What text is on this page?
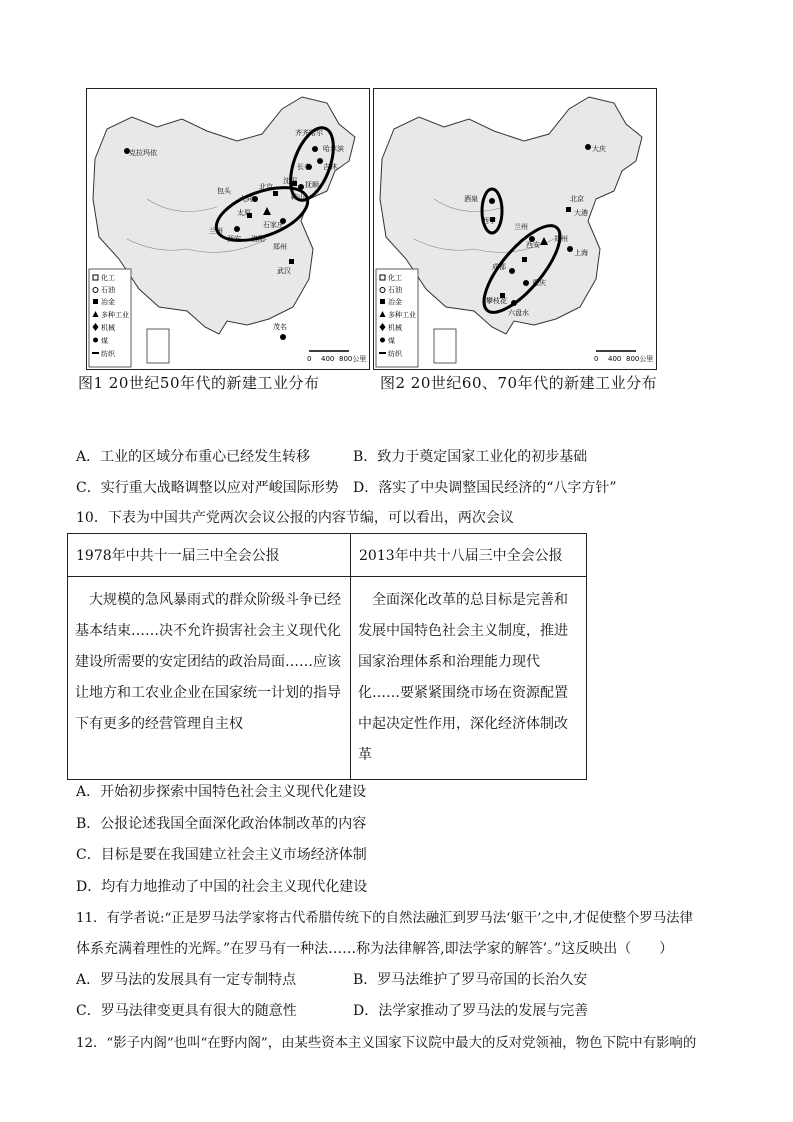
克拉玛依
齐齐哈尔
哈尔滨
长春 吉林
沈阳 抚顺
鞍山
北京
大同
太原
包头
石家庄
兰州
西安 洛阳
郑州
武汉
茂名
化工
石油
冶金
多种工业
机械
煤
纺织
0 400 800公里
大庆
北京
大港
西宁
酒泉
兰州
西安
郑州
成都
重庆
攀枝花
六盘水
上海
化工
石油
冶金
多种工业
机械
煤
纺织
0 400 800公里
图1 20世纪50年代的新建工业分布	图2 20世纪60、70年代的新建工业分布
A．工业的区域分布重心已经发生转移	B．致力于奠定国家工业化的初步基础
C．实行重大战略调整以应对严峻国际形势 D．落实了中央调整国民经济的“八字方针”
10．下表为中国共产党两次会议公报的内容节编，可以看出，两次会议
1978年中共十一届三中全会公报	2013年中共十八届三中全会公报

大规模的急风暴雨式的群众阶级斗争已经基本结束……决不允许损害社会主义现代化建设所需要的安定团结的政治局面……应该让地方和工农业企业在国家统一计划的指导下有更多的经营管理自主权	全面深化改革的总目标是完善和发展中国特色社会主义制度，推进国家治理体系和治理能力现代化……要紧紧围绕市场在资源配置中起决定性作用，深化经济体制改革
A．开始初步探索中国特色社会主义现代化建设
B．公报论述我国全面深化政治体制改革的内容
C．目标是要在我国建立社会主义市场经济体制
D．均有力地推动了中国的社会主义现代化建设
11．有学者说:“正是罗马法学家将古代希腊传统下的自然法融汇到罗马法‘躯干’之中,才促使整个罗马法律
体系充满着理性的光辉。”在罗马有一种法……称为法律解答,即法学家的解答’。”这反映出（　　）
A．罗马法的发展具有一定专制特点	B．罗马法维护了罗马帝国的长治久安
C．罗马法律变更具有很大的随意性	D．法学家推动了罗马法的发展与完善
12．“影子内阁”也叫“在野内阁”，由某些资本主义国家下议院中最大的反对党领袖，物色下院中有影响的
